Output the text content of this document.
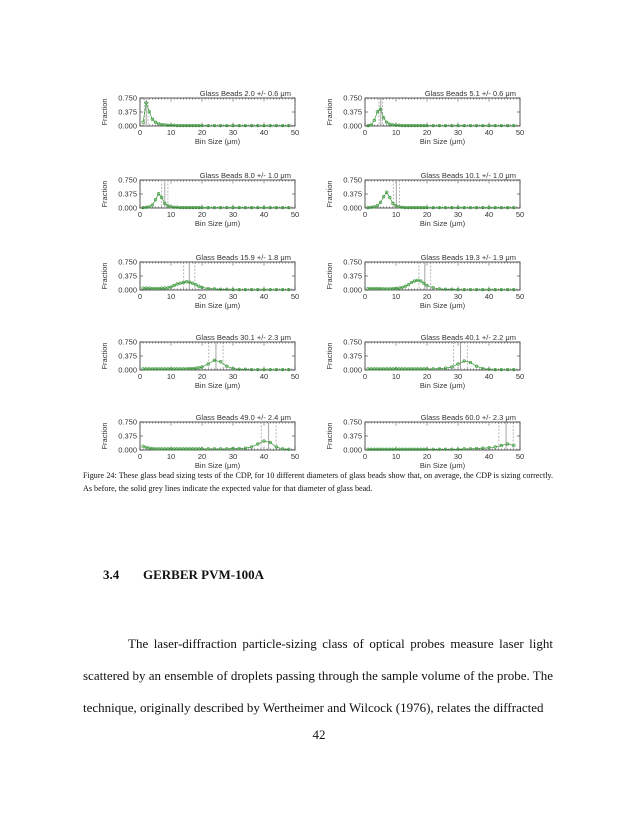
0.000
0.375
0.750
0	10	20	30	40	50
Bin Size (μm)
Fraction
Glass Beads 2.0 +/- 0.6 μm
0.000
0.375
0.750
0	10	20	30	40	50
Bin Size (μm)
Fraction
Glass Beads 5.1 +/- 0.6 μm
0.000
0.375
0.750
0	10	20	30	40	50
Bin Size (μm)
Fraction
Glass Beads 8.0 +/- 1.0 μm
0.000
0.375
0.750
0	10	20	30	40	50
Bin Size (μm)
Fraction
Glass Beads 10.1 +/- 1.0 μm
0.000
0.375
0.750
0	10	20	30	40	50
Bin Size (μm)
Fraction
Glass Beads 15.9 +/- 1.8 μm
0.000
0.375
0.750
0	10	20	30	40	50
Bin Size (μm)
Fraction
Glass Beads 19.3 +/- 1.9 μm
0.000
0.375
0.750
0	10	20	30	40	50
Bin Size (μm)
Fraction
Glass Beads 30.1 +/- 2.3 μm
0.000
0.375
0.750
0	10	20	30	40	50
Bin Size (μm)
Fraction
Glass Beads 40.1 +/- 2.2 μm
0.000
0.375
0.750
0	10	20	30	40	50
Bin Size (μm)
Fraction
Glass Beads 49.0 +/- 2.4 μm
0.000
0.375
0.750
0	10	20	30	40	50
Bin Size (μm)
Fraction
Glass Beads 60.0 +/- 2.3 μm
Figure 24: These glass bead sizing tests of the CDP, for 10 different diameters of glass beads show that, on average, the CDP is sizing correctly. As before, the solid grey lines indicate the expected value for that diameter of glass bead.
3.4 GERBER PVM-100A

The laser-diffraction particle-sizing class of optical probes measure laser light scattered by an ensemble of droplets passing through the sample volume of the probe. The technique, originally described by Wertheimer and Wilcock (1976), relates the diffracted

42
